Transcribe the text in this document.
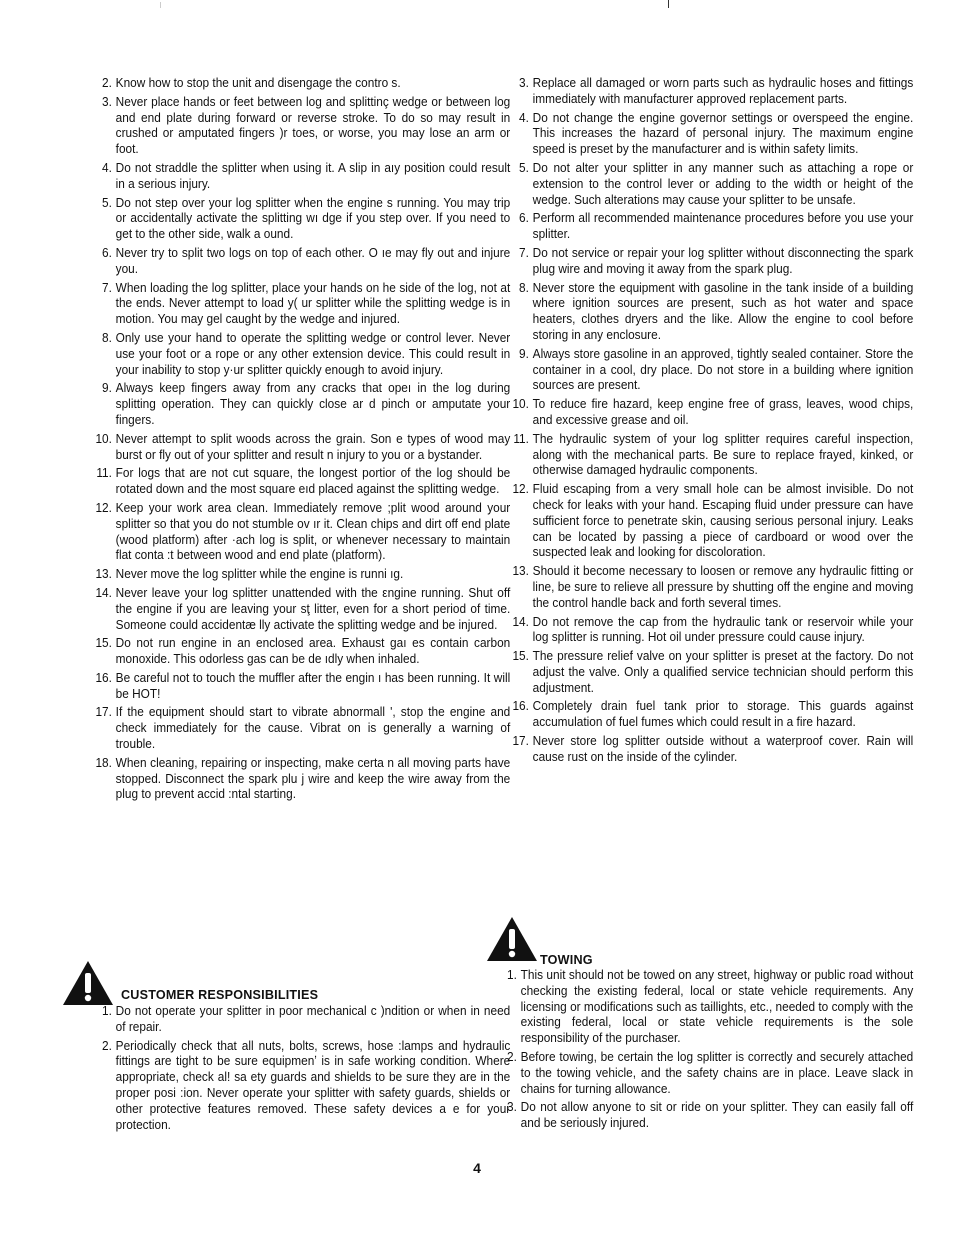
2. Know how to stop the unit and disengage the contro s.
3. Never place hands or feet between log and splittinç wedge or between log and end plate during forward or reverse stroke. To do so may result in crushed or amputated fingers )r toes, or worse, you may lose an arm or foot.
4. Do not straddle the splitter when using it. A slip in aıy position could result in a serious injury.
5. Do not step over your log splitter when the engine s running. You may trip or accidentally activate the splitting wı dge if you step over. If you need to get to the other side, walk a ound.
6. Never try to split two logs on top of each other. O ıe may fly out and injure you.
7. When loading the log splitter, place your hands on he side of the log, not at the ends. Never attempt to load y( ur splitter while the splitting wedge is in motion. You may gel caught by the wedge and injured.
8. Only use your hand to operate the splitting wedge or control lever. Never use your foot or a rope or any other extension device. This could result in your inability to stop y·ur splitter quickly enough to avoid injury.
9. Always keep fingers away from any cracks that opeı in the log during splitting operation. They can quickly close ar d pinch or amputate your fingers.
10. Never attempt to split woods across the grain. Son e types of wood may burst or fly out of your splitter and result n injury to you or a bystander.
11. For logs that are not cut square, the longest portior of the log should be rotated down and the most square eıd placed against the splitting wedge.
12. Keep your work area clean. Immediately remove ;plit wood around your splitter so that you do not stumble ov ır it. Clean chips and dirt off end plate (wood platform) after ·ach log is split, or whenever necessary to maintain flat conta :t between wood and end plate (platform).
13. Never move the log splitter while the engine is runni ıg.
14. Never leave your log splitter unattended with the εngine running. Shut off the engine if you are leaving your sţ litter, even for a short period of time. Someone could accidentæ lly activate the splitting wedge and be injured.
15. Do not run engine in an enclosed area. Exhaust gaı es contain carbon monoxide. This odorless gas can be de ıdly when inhaled.
16. Be careful not to touch the muffler after the engin ı has been running. It will be HOT!
17. If the equipment should start to vibrate abnormall ', stop the engine and check immediately for the cause. Vibrat on is generally a warning of trouble.
18. When cleaning, repairing or inspecting, make certa n all moving parts have stopped. Disconnect the spark plu j wire and keep the wire away from the plug to prevent accid :ntal starting.
3. Replace all damaged or worn parts such as hydraulic hoses and fittings immediately with manufacturer approved replacement parts.
4. Do not change the engine governor settings or overspeed the engine. This increases the hazard of personal injury. The maximum engine speed is preset by the manufacturer and is within safety limits.
5. Do not alter your splitter in any manner such as attaching a rope or extension to the control lever or adding to the width or height of the wedge. Such alterations may cause your splitter to be unsafe.
6. Perform all recommended maintenance procedures before you use your splitter.
7. Do not service or repair your log splitter without disconnecting the spark plug wire and moving it away from the spark plug.
8. Never store the equipment with gasoline in the tank inside of a building where ignition sources are present, such as hot water and space heaters, clothes dryers and the like. Allow the engine to cool before storing in any enclosure.
9. Always store gasoline in an approved, tightly sealed container. Store the container in a cool, dry place. Do not store in a building where ignition sources are present.
10. To reduce fire hazard, keep engine free of grass, leaves, wood chips, and excessive grease and oil.
11. The hydraulic system of your log splitter requires careful inspection, along with the mechanical parts. Be sure to replace frayed, kinked, or otherwise damaged hydraulic components.
12. Fluid escaping from a very small hole can be almost invisible. Do not check for leaks with your hand. Escaping fluid under pressure can have sufficient force to penetrate skin, causing serious personal injury. Leaks can be located by passing a piece of cardboard or wood over the suspected leak and looking for discoloration.
13. Should it become necessary to loosen or remove any hydraulic fitting or line, be sure to relieve all pressure by shutting off the engine and moving the control handle back and forth several times.
14. Do not remove the cap from the hydraulic tank or reservoir while your log splitter is running. Hot oil under pressure could cause injury.
15. The pressure relief valve on your splitter is preset at the factory. Do not adjust the valve. Only a qualified service technician should perform this adjustment.
16. Completely drain fuel tank prior to storage. This guards against accumulation of fuel fumes which could result in a fire hazard.
17. Never store log splitter outside without a waterproof cover. Rain will cause rust on the inside of the cylinder.
CUSTOMER RESPONSIBILITIES
1. Do not operate your splitter in poor mechanical c )ndition or when in need of repair.
2. Periodically check that all nuts, bolts, screws, hose :lamps and hydraulic fittings are tight to be sure equipmenʼ is in safe working condition. Where appropriate, check al! sa ety guards and shields to be sure they are in the proper posi :ion. Never operate your splitter with safety guards, shields or other protective features removed. These safety devices a e for your protection.
TOWING
1. This unit should not be towed on any street, highway or public road without checking the existing federal, local or state vehicle requirements. Any licensing or modifications such as taillights, etc., needed to comply with the existing federal, local or state vehicle requirements is the sole responsibility of the purchaser.
2. Before towing, be certain the log splitter is correctly and securely attached to the towing vehicle, and the safety chains are in place. Leave slack in chains for turning allowance.
3. Do not allow anyone to sit or ride on your splitter. They can easily fall off and be seriously injured.
4
